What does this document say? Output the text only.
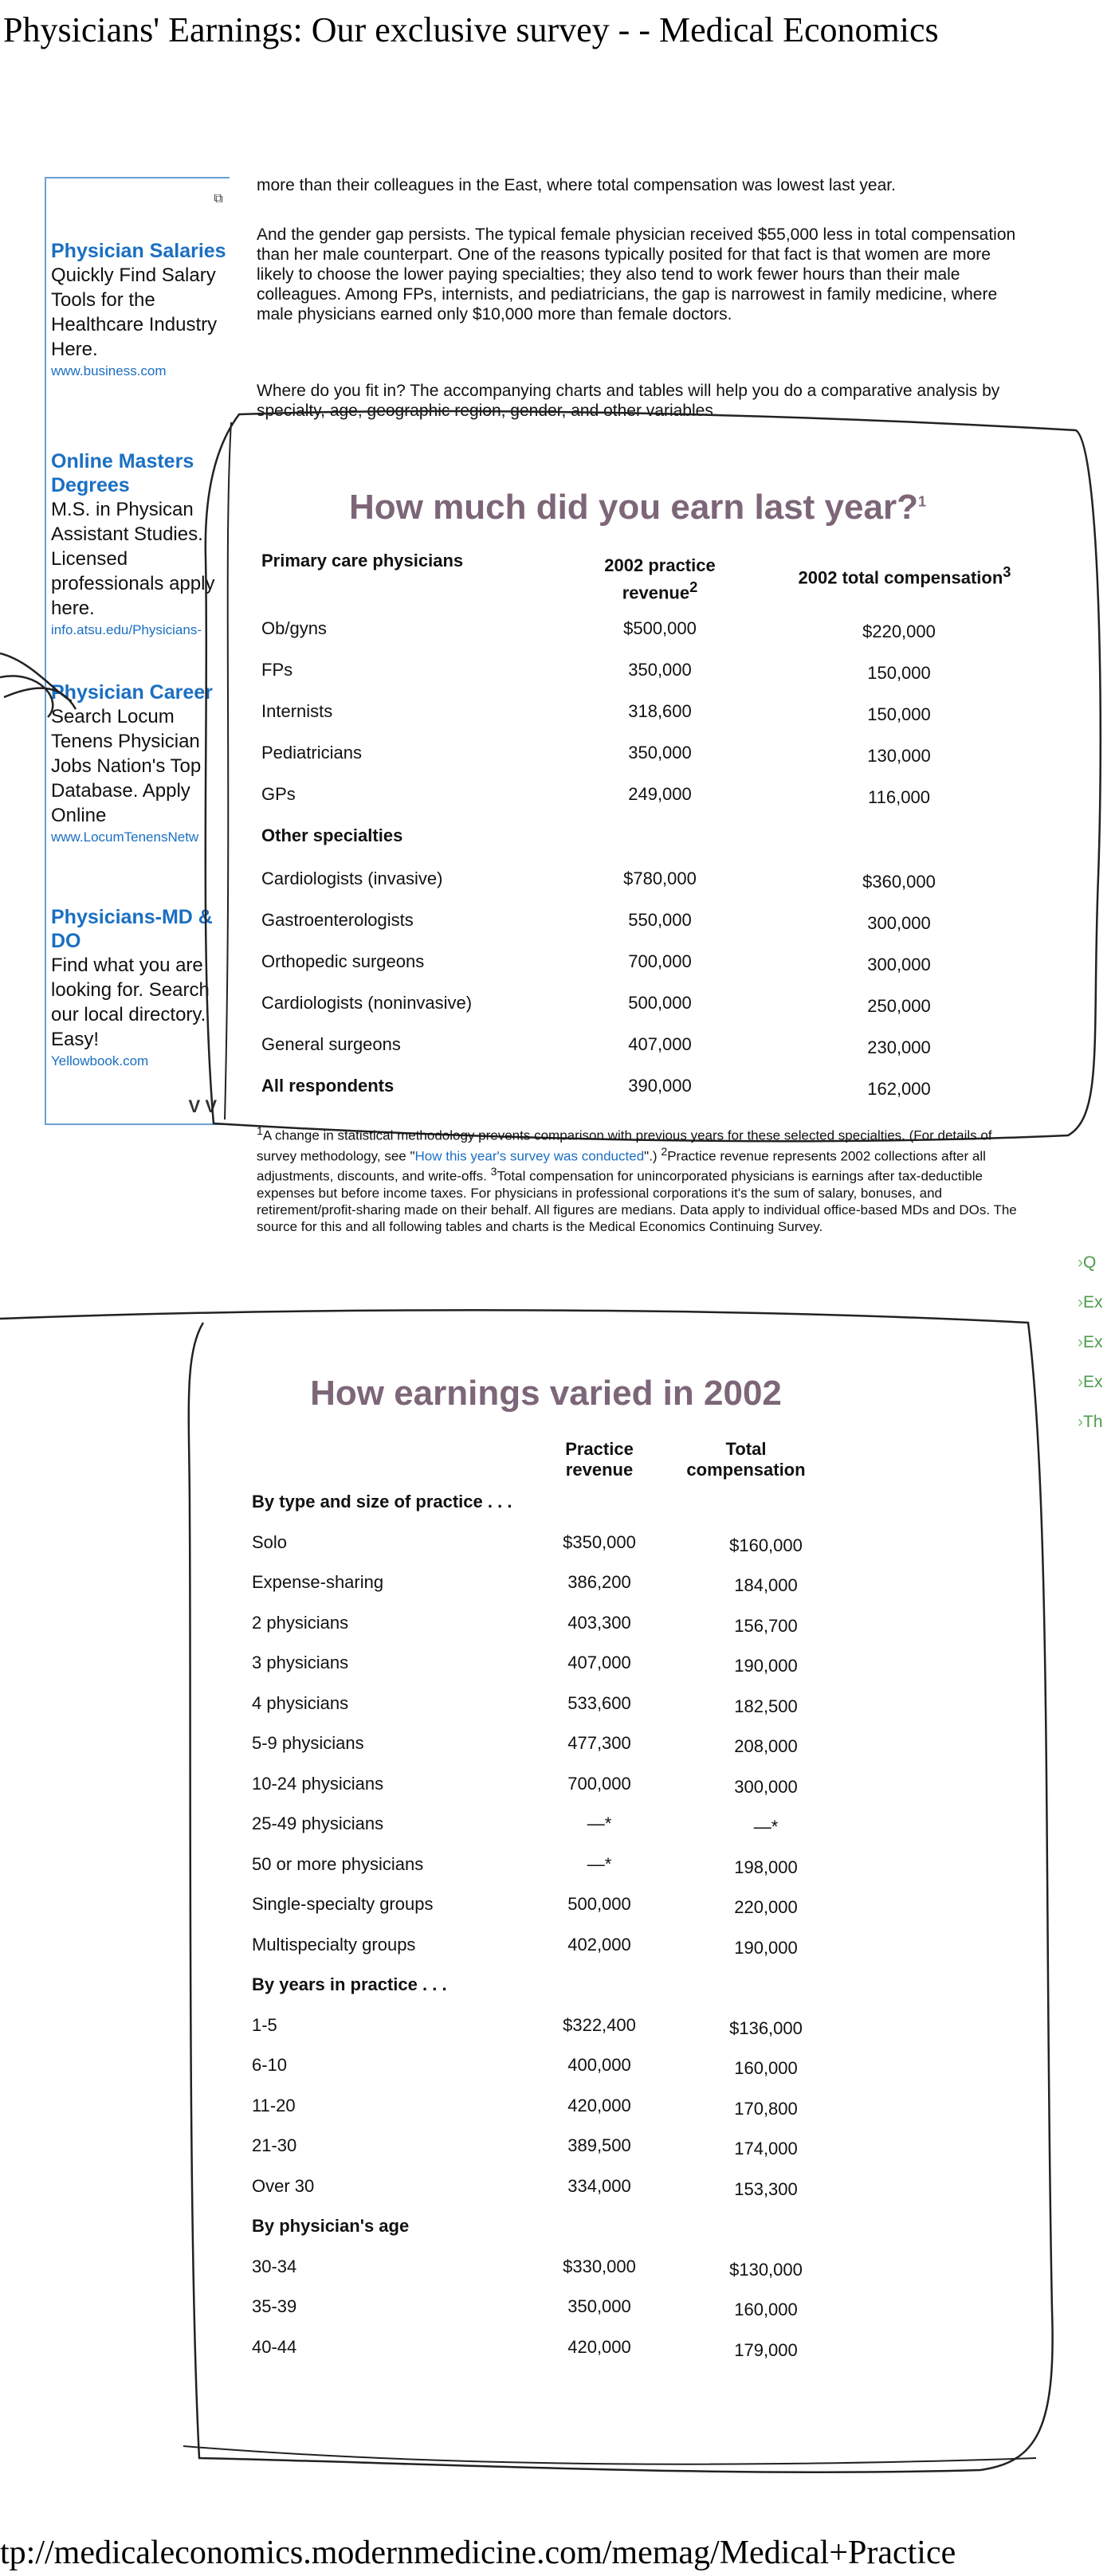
Physicians' Earnings: Our exclusive survey - - Medical Economics
⧉
Physician Salaries
Quickly Find Salary Tools for the Healthcare Industry Here.
www.business.com
Online Masters Degrees
M.S. in Physican Assistant Studies. Licensed professionals apply here.
info.atsu.edu/Physicians-
Physician Career
Search Locum Tenens Physician Jobs Nation's Top Database. Apply Online
www.LocumTenensNetw
Physicians-MD & DO
Find what you are looking for. Search our local directory. Easy!
Yellowbook.com
V V
more than their colleagues in the East, where total compensation was lowest last year.
And the gender gap persists. The typical female physician received $55,000 less in total compensation than her male counterpart. One of the reasons typically posited for that fact is that women are more likely to choose the lower paying specialties; they also tend to work fewer hours than their male colleagues. Among FPs, internists, and pediatricians, the gap is narrowest in family medicine, where male physicians earned only $10,000 more than female doctors.
Where do you fit in? The accompanying charts and tables will help you do a comparative analysis by specialty, age, geographic region, gender, and other variables.
How much did you earn last year?$^1$
Primary care physicians	2002 practice revenue$^2$	2002 total compensation$^3$
Ob/gyns	$500,000	$220,000
FPs	350,000	150,000
Internists	318,600	150,000
Pediatricians	350,000	130,000
GPs	249,000	116,000
Other specialties
Cardiologists (invasive)	$780,000	$360,000
Gastroenterologists	550,000	300,000
Orthopedic surgeons	700,000	300,000
Cardiologists (noninvasive)	500,000	250,000
General surgeons	407,000	230,000
All respondents	390,000	162,000
$^1$A change in statistical methodology prevents comparison with previous years for these selected specialties. (For details of survey methodology, see "How this year's survey was conducted".) $^2$Practice revenue represents 2002 collections after all adjustments, discounts, and write-offs. $^3$Total compensation for unincorporated physicians is earnings after tax-deductible expenses but before income taxes. For physicians in professional corporations it's the sum of salary, bonuses, and retirement/profit-sharing made on their behalf. All figures are medians. Data apply to individual office-based MDs and DOs. The source for this and all following tables and charts is the Medical Economics Continuing Survey.
›Q
›Ex
›Ex
›Ex
›Th
How earnings varied in 2002
Practice revenue
Total compensation
By type and size of practice . . .
Solo	$350,000	$160,000
Expense-sharing	386,200	184,000
2 physicians	403,300	156,700
3 physicians	407,000	190,000
4 physicians	533,600	182,500
5-9 physicians	477,300	208,000
10-24 physicians	700,000	300,000
25-49 physicians	—*	—*
50 or more physicians	—*	198,000
Single-specialty groups	500,000	220,000
Multispecialty groups	402,000	190,000
By years in practice . . .
1-5	$322,400	$136,000
6-10	400,000	160,000
11-20	420,000	170,800
21-30	389,500	174,000
Over 30	334,000	153,300
By physician's age
30-34	$330,000	$130,000
35-39	350,000	160,000
40-44	420,000	179,000
tp://medicaleconomics.modernmedicine.com/memag/Medical+Practice
